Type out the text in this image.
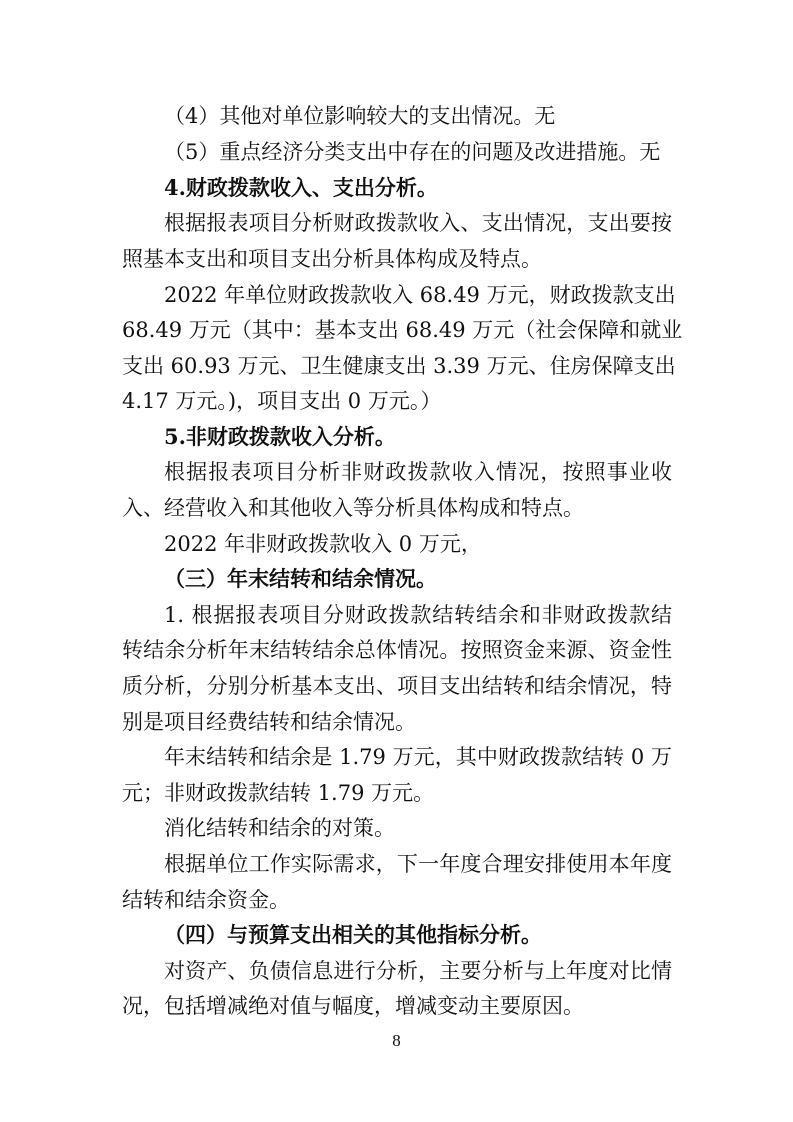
（4）其他对单位影响较大的支出情况。无
（5）重点经济分类支出中存在的问题及改进措施。无
4.财政拨款收入、支出分析。
根据报表项目分析财政拨款收入、支出情况，支出要按
照基本支出和项目支出分析具体构成及特点。
2022 年单位财政拨款收入 68.49 万元，财政拨款支出
68.49 万元（其中：基本支出 68.49 万元（社会保障和就业
支出 60.93 万元、卫生健康支出 3.39 万元、住房保障支出
4.17 万元。)，项目支出 0 万元。）
5.非财政拨款收入分析。
根据报表项目分析非财政拨款收入情况，按照事业收
入、经营收入和其他收入等分析具体构成和特点。
2022 年非财政拨款收入 0 万元，
（三）年末结转和结余情况。
1. 根据报表项目分财政拨款结转结余和非财政拨款结
转结余分析年末结转结余总体情况。按照资金来源、资金性
质分析，分别分析基本支出、项目支出结转和结余情况，特
别是项目经费结转和结余情况。
年末结转和结余是 1.79 万元，其中财政拨款结转 0 万
元；非财政拨款结转 1.79 万元。
消化结转和结余的对策。
根据单位工作实际需求，下一年度合理安排使用本年度
结转和结余资金。
（四）与预算支出相关的其他指标分析。
对资产、负债信息进行分析，主要分析与上年度对比情
况，包括增减绝对值与幅度，增减变动主要原因。
8
